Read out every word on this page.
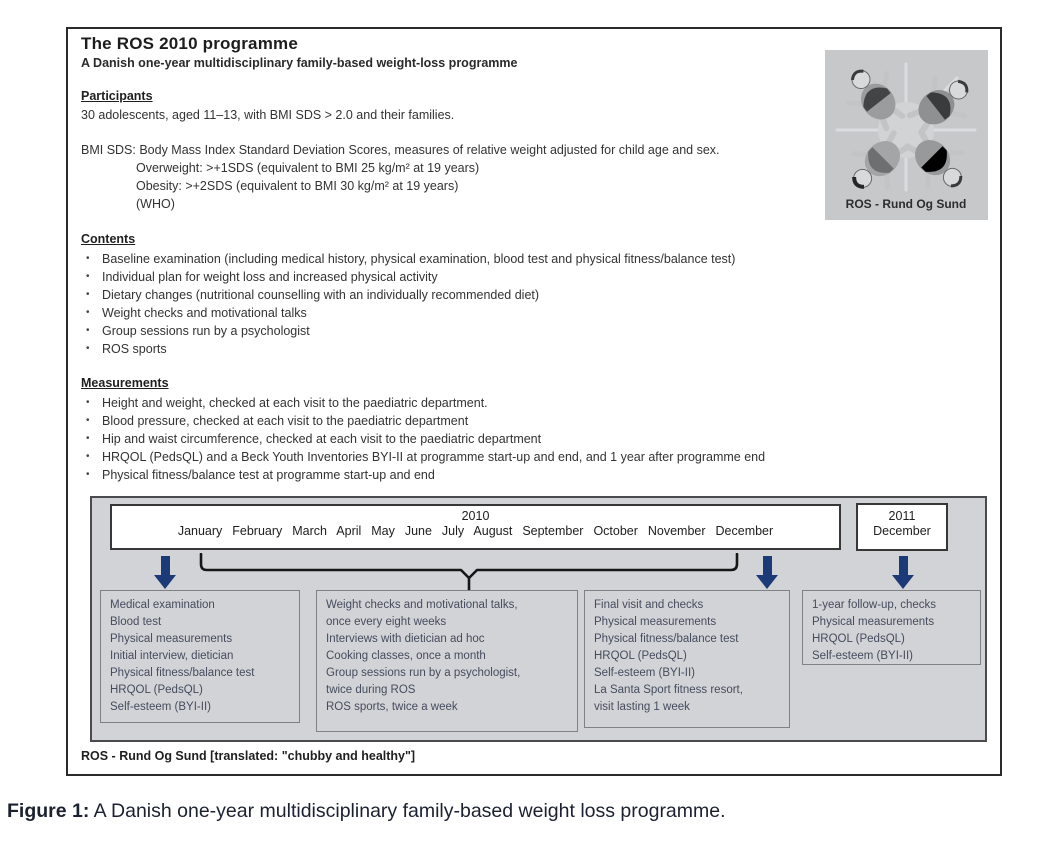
The ROS 2010 programme
A Danish one-year multidisciplinary family-based weight-loss programme
Participants
30 adolescents, aged 11–13, with BMI SDS > 2.0 and their families.
BMI SDS: Body Mass Index Standard Deviation Scores, measures of relative weight adjusted for child age and sex.
Overweight: >+1SDS (equivalent to BMI 25 kg/m² at 19 years)
Obesity: >+2SDS (equivalent to BMI 30 kg/m² at 19 years)
(WHO)
Contents
• Baseline examination (including medical history, physical examination, blood test and physical fitness/balance test)
• Individual plan for weight loss and increased physical activity
• Dietary changes (nutritional counselling with an individually recommended diet)
• Weight checks and motivational talks
• Group sessions run by a psychologist
• ROS sports
Measurements
• Height and weight, checked at each visit to the paediatric department.
• Blood pressure, checked at each visit to the paediatric department
• Hip and waist circumference, checked at each visit to the paediatric department
• HRQOL (PedsQL) and a Beck Youth Inventories BYI-II at programme start-up and end, and 1 year after programme end
• Physical fitness/balance test at programme start-up and end
ROS - Rund Og Sund
2010
January February March April May June July August September October November December
2011
December
Medical examination
Blood test
Physical measurements
Initial interview, dietician
Physical fitness/balance test
HRQOL (PedsQL)
Self-esteem (BYI-II)
Weight checks and motivational talks,
once every eight weeks
Interviews with dietician ad hoc
Cooking classes, once a month
Group sessions run by a psychologist,
twice during ROS
ROS sports, twice a week
Final visit and checks
Physical measurements
Physical fitness/balance test
HRQOL (PedsQL)
Self-esteem (BYI-II)
La Santa Sport fitness resort,
visit lasting 1 week
1-year follow-up, checks
Physical measurements
HRQOL (PedsQL)
Self-esteem (BYI-II)
ROS - Rund Og Sund [translated: "chubby and healthy"]
Figure 1: A Danish one-year multidisciplinary family-based weight loss programme.
